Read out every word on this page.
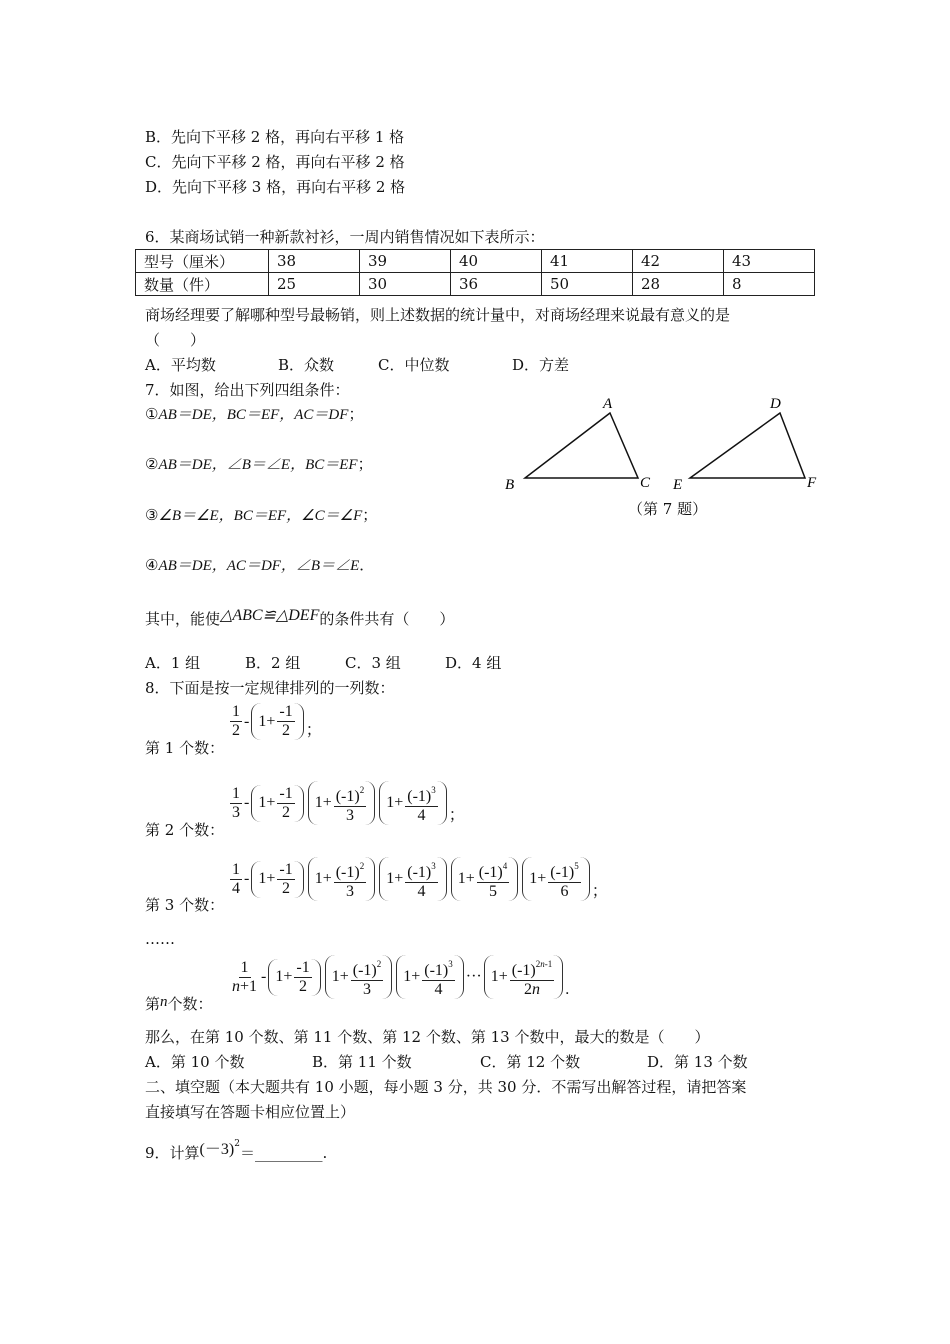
B．先向下平移 2 格，再向右平移 1 格
C．先向下平移 2 格，再向右平移 2 格
D．先向下平移 3 格，再向右平移 2 格
6．某商场试销一种新款衬衫，一周内销售情况如下表所示：
型号（厘米）	38	39	40	41	42	43
数量（件）	25	30	36	50	28	8
商场经理要了解哪种型号最畅销，则上述数据的统计量中，对商场经理来说最有意义的是
（　　）
A．平均数	B．众数	C．中位数	D．方差
7．如图，给出下列四组条件：
①AB＝DE，BC＝EF，AC＝DF；
②AB＝DE，∠B＝∠E，BC＝EF；
③∠B＝∠E，BC＝EF，∠C＝∠F；
④AB＝DE，AC＝DF，∠B＝∠E．
A
B	C
D
E	F
（第 7 题）
其中，能使△ABC≌△DEF的条件共有（　　）
A．1 组	B．2 组	C．3 组	D．4 组
8．下面是按一定规律排列的一列数：
第 1 个数：
$\frac{1}{2} - 1+ \frac{-1}{2}$ ；
第 2 个数：
$\frac{1}{3} - 1+ \frac{-1}{2}$	$1+ \frac{(-1)^2}{3}$	$1+ \frac{(-1)^3}{4}$ ；
第 3 个数：
$\frac{1}{4} - 1+ \frac{-1}{2}$	$1+ \frac{(-1)^2}{3}$	$1+ \frac{(-1)^3}{4}$	$1+ \frac{(-1)^4}{5}$	$1+ \frac{(-1)^5}{6}$ ；
……
第n个数：
$\frac{1}{n+1} - 1+ \frac{-1}{2}$	$1+ \frac{(-1)^2}{3}$	$1+ \frac{(-1)^3}{4}$ ··· $1+ \frac{(-1)^{2n-1}}{2n}$ .
那么，在第 10 个数、第 11 个数、第 12 个数、第 13 个数中，最大的数是（　　）
A．第 10 个数	B．第 11 个数	C．第 12 个数	D．第 13 个数
二、填空题（本大题共有 10 小题，每小题 3 分，共 30 分．不需写出解答过程，请把答案
直接填写在答题卡相应位置上）
9．计算$(-3)^2=\_\_\_\_\_\_\_\_\_$.
